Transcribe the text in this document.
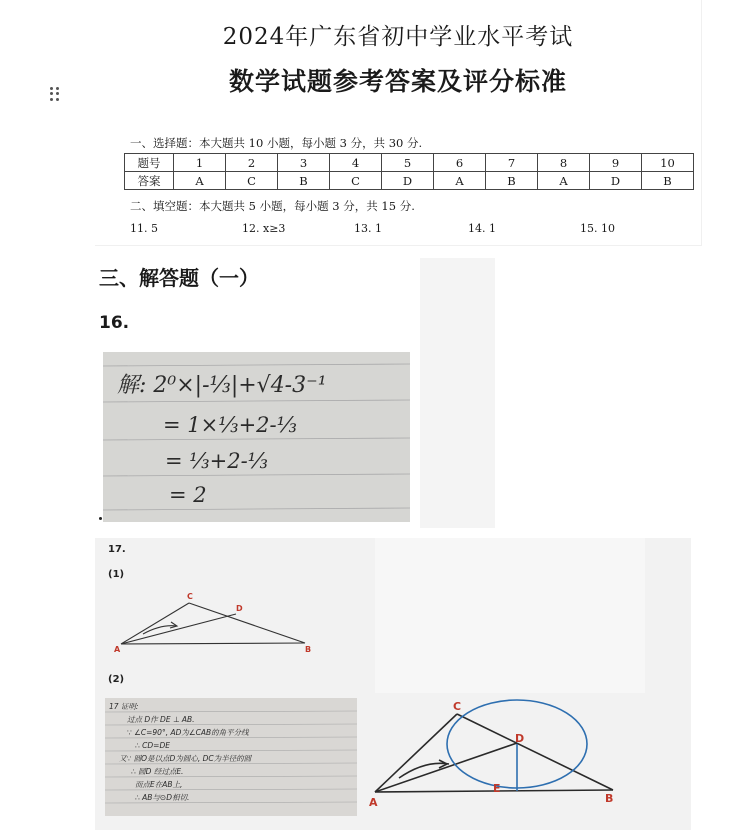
2024年广东省初中学业水平考试
数学试题参考答案及评分标准
一、选择题：本大题共 10 小题，每小题 3 分，共 30 分.
题号	1	2	3	4	5	6	7	8	9	10
答案	A	C	B	C	D	A	B	A	D	B
二、填空题：本大题共 5 小题，每小题 3 分，共 15 分.
11. 5	12. x≥3	13. 1	14. 1	15. 10
三、解答题（一）
16.
解: 2⁰×|-⅓|+√4-3⁻¹
= 1×⅓+2-⅓
= ⅓+2-⅓
= 2
17.
(1)
(2)
A	B
C
D
A	B
C
D
E
17 证明:
过点 D作 DE ⊥ AB.
∵ ∠C=90°, AD为∠CAB的角平分线
∴ CD=DE
又∵ 圆O是以点D为圆心, DC为半径的圆
∴ 圆D 经过点E.
而点E在AB上,
∴ AB与⊙D相切.
